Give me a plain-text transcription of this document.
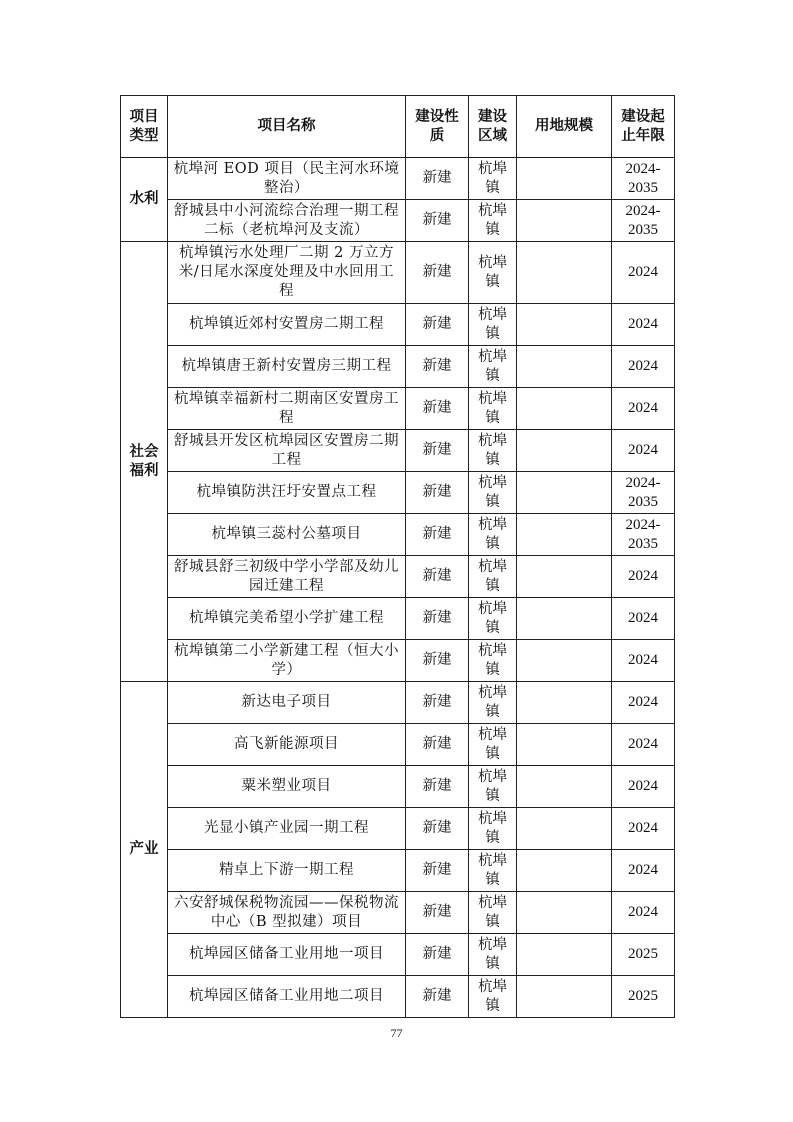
项目类型	项目名称	建设性质	建设区域	用地规模	建设起止年限
水利	杭埠河 EOD 项目（民主河水环境整治）	新建	杭埠镇		2024-2035
	舒城县中小河流综合治理一期工程二标（老杭埠河及支流）	新建	杭埠镇		2024-2035
社会福利	杭埠镇污水处理厂二期 2 万立方米/日尾水深度处理及中水回用工程	新建	杭埠镇		2024
	杭埠镇近郊村安置房二期工程	新建	杭埠镇		2024
	杭埠镇唐王新村安置房三期工程	新建	杭埠镇		2024
	杭埠镇幸福新村二期南区安置房工程	新建	杭埠镇		2024
	舒城县开发区杭埠园区安置房二期工程	新建	杭埠镇		2024
	杭埠镇防洪汪圩安置点工程	新建	杭埠镇		2024-2035
	杭埠镇三蕊村公墓项目	新建	杭埠镇		2024-2035
	舒城县舒三初级中学小学部及幼儿园迁建工程	新建	杭埠镇		2024
	杭埠镇完美希望小学扩建工程	新建	杭埠镇		2024
	杭埠镇第二小学新建工程（恒大小学）	新建	杭埠镇		2024
产业	新达电子项目	新建	杭埠镇		2024
	高飞新能源项目	新建	杭埠镇		2024
	粟米塑业项目	新建	杭埠镇		2024
	光显小镇产业园一期工程	新建	杭埠镇		2024
	精卓上下游一期工程	新建	杭埠镇		2024
	六安舒城保税物流园——保税物流中心（B 型拟建）项目	新建	杭埠镇		2024
	杭埠园区储备工业用地一项目	新建	杭埠镇		2025
	杭埠园区储备工业用地二项目	新建	杭埠镇		2025
77
